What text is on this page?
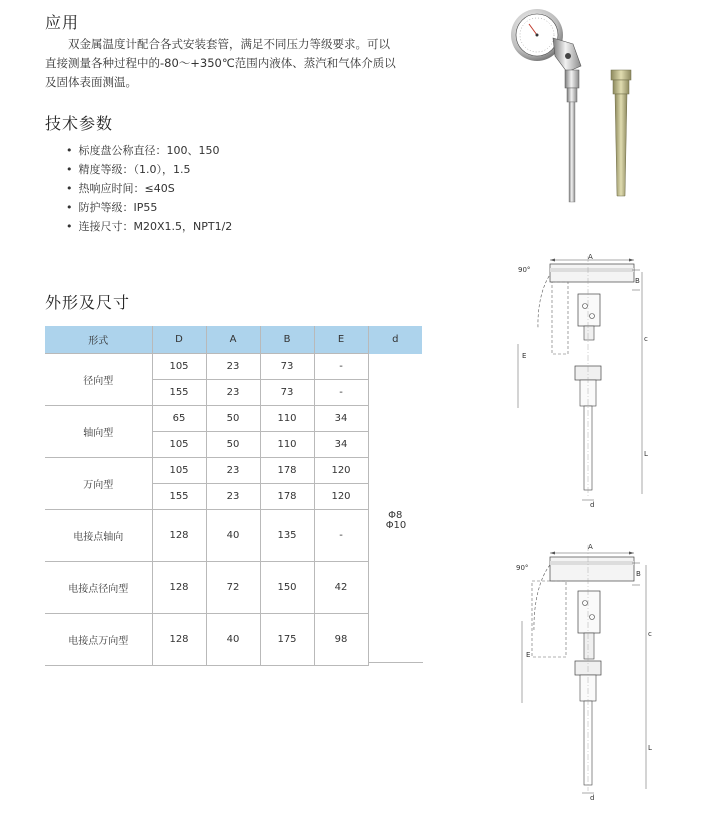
应用
双金属温度计配合各式安装套管，满足不同压力等级要求。可以
直接测量各种过程中的-80～+350℃范围内液体、蒸汽和气体介质以
及固体表面测温。
技术参数
• 标度盘公称直径：100、150
• 精度等级：（1.0），1.5
• 热响应时间：≤40S
• 防护等级：IP55
• 连接尺寸：M20X1.5，NPT1/2
外形及尺寸
形式	D	A	B	E	d
径向型	105	23	73	-	Φ8
	155	23	73	-	
轴向型	65	50	110	34	
	105	50	110	34	
万向型	105	23	178	120	
	155	23	178	120	
电接点轴向	128	40	135	-	
电接点径向型	128	72	150	42	
电接点万向型	128	40	175	98	
Φ10
90°
A
B
E
c
L
d
90°
A
B
E
c
L
d
